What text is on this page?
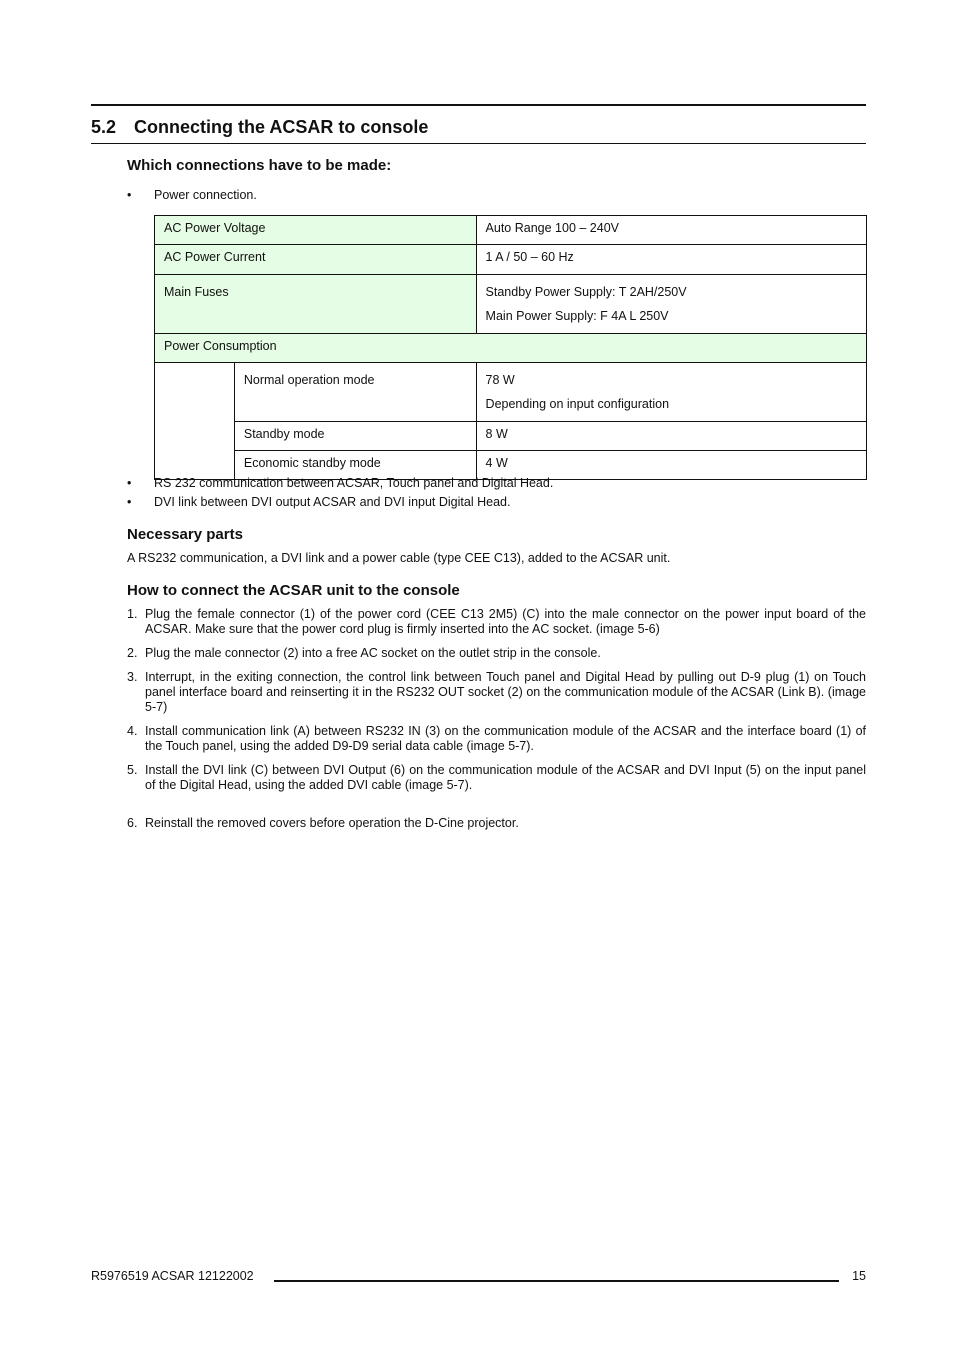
5.2 Connecting the ACSAR to console
Which connections have to be made:
• Power connection.

AC Power Voltage		Auto Range 100 – 240V

AC Power Current		1 A / 50 – 60 Hz

Main Fuses		Standby Power Supply: T 2AH/250V

Main Power Supply: F 4A L 250V

Power Consumption		

	Normal operation mode	78 W

Depending on input configuration

	Standby mode	8 W

	Economic standby mode	4 W

• RS 232 communication between ACSAR, Touch panel and Digital Head.
• DVI link between DVI output ACSAR and DVI input Digital Head.
Necessary parts
A RS232 communication, a DVI link and a power cable (type CEE C13), added to the ACSAR unit.
How to connect the ACSAR unit to the console
1. Plug the female connector (1) of the power cord (CEE C13 2M5) (C) into the male connector on the power input board of the ACSAR. Make sure that the power cord plug is firmly inserted into the AC socket. (image 5-6)
2. Plug the male connector (2) into a free AC socket on the outlet strip in the console.
3. Interrupt, in the exiting connection, the control link between Touch panel and Digital Head by pulling out D-9 plug (1) on Touch panel interface board and reinserting it in the RS232 OUT socket (2) on the communication module of the ACSAR (Link B). (image 5-7)
4. Install communication link (A) between RS232 IN (3) on the communication module of the ACSAR and the interface board (1) of the Touch panel, using the added D9-D9 serial data cable (image 5-7).
5. Install the DVI link (C) between DVI Output (6) on the communication module of the ACSAR and DVI Input (5) on the input panel of the Digital Head, using the added DVI cable (image 5-7).
6. Reinstall the removed covers before operation the D-Cine projector.
R5976519 ACSAR 12122002	15
